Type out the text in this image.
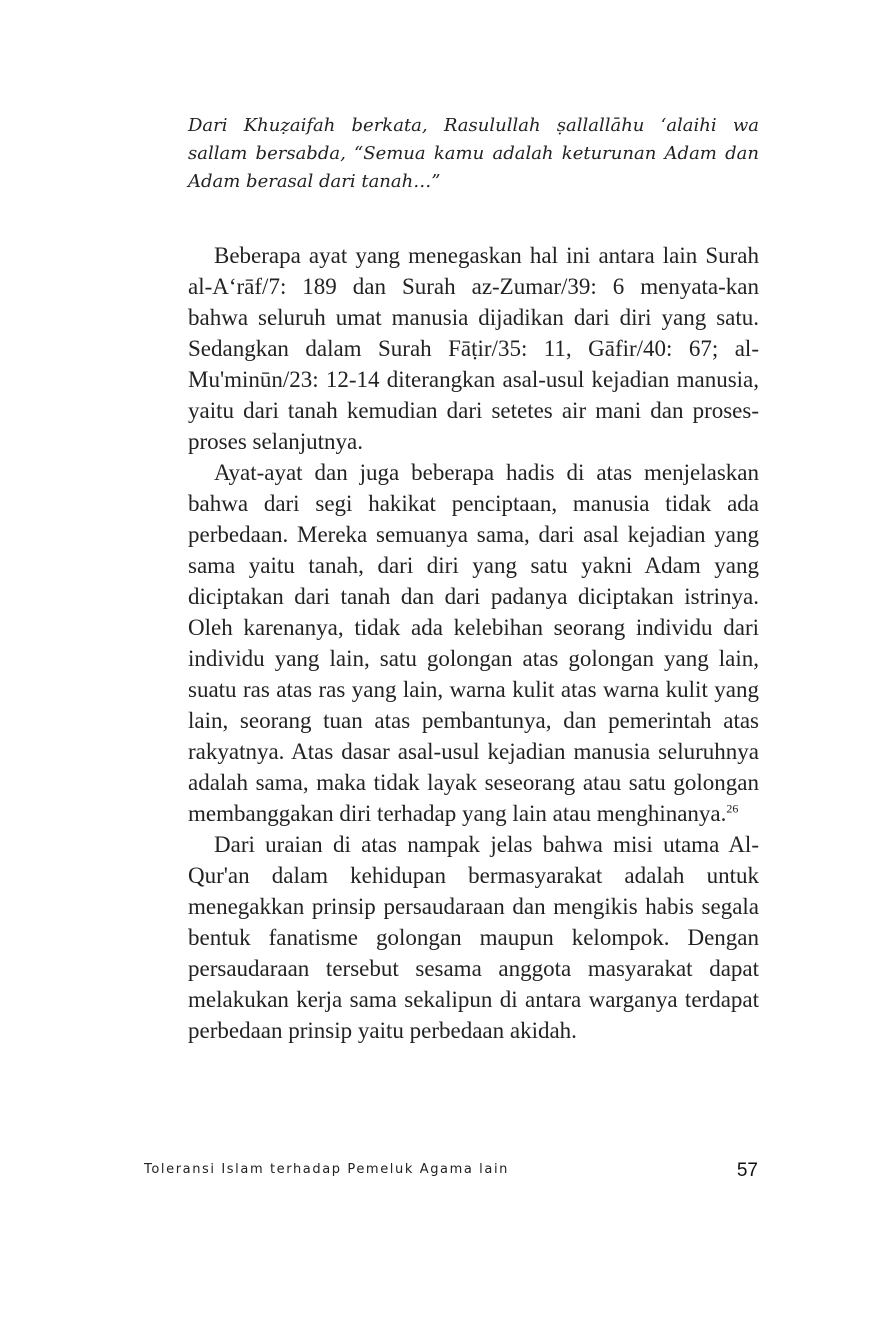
Dari Khuẓaifah berkata, Rasulullah ṣallallāhu ‘alaihi wa sallam bersabda, “Semua kamu adalah keturunan Adam dan Adam berasal dari tanah…”

Beberapa ayat yang menegaskan hal ini antara lain Surah al-A‘rāf/7: 189 dan Surah az-Zumar/39: 6 menyata-kan bahwa seluruh umat manusia dijadikan dari diri yang satu. Sedangkan dalam Surah Fāṭir/35: 11, Gāfir/40: 67; al-Mu'minūn/23: 12-14 diterangkan asal-usul kejadian manusia, yaitu dari tanah kemudian dari setetes air mani dan proses-proses selanjutnya.

Ayat-ayat dan juga beberapa hadis di atas menjelaskan bahwa dari segi hakikat penciptaan, manusia tidak ada perbedaan. Mereka semuanya sama, dari asal kejadian yang sama yaitu tanah, dari diri yang satu yakni Adam yang diciptakan dari tanah dan dari padanya diciptakan istrinya. Oleh karenanya, tidak ada kelebihan seorang individu dari individu yang lain, satu golongan atas golongan yang lain, suatu ras atas ras yang lain, warna kulit atas warna kulit yang lain, seorang tuan atas pembantunya, dan pemerintah atas rakyatnya. Atas dasar asal-usul kejadian manusia seluruhnya adalah sama, maka tidak layak seseorang atau satu golongan membanggakan diri terhadap yang lain atau menghinanya.$^{26}$

Dari uraian di atas nampak jelas bahwa misi utama Al-Qur'an dalam kehidupan bermasyarakat adalah untuk menegakkan prinsip persaudaraan dan mengikis habis segala bentuk fanatisme golongan maupun kelompok. Dengan persaudaraan tersebut sesama anggota masyarakat dapat melakukan kerja sama sekalipun di antara warganya terdapat perbedaan prinsip yaitu perbedaan akidah.

Toleransi Islam terhadap Pemeluk Agama lain	57
